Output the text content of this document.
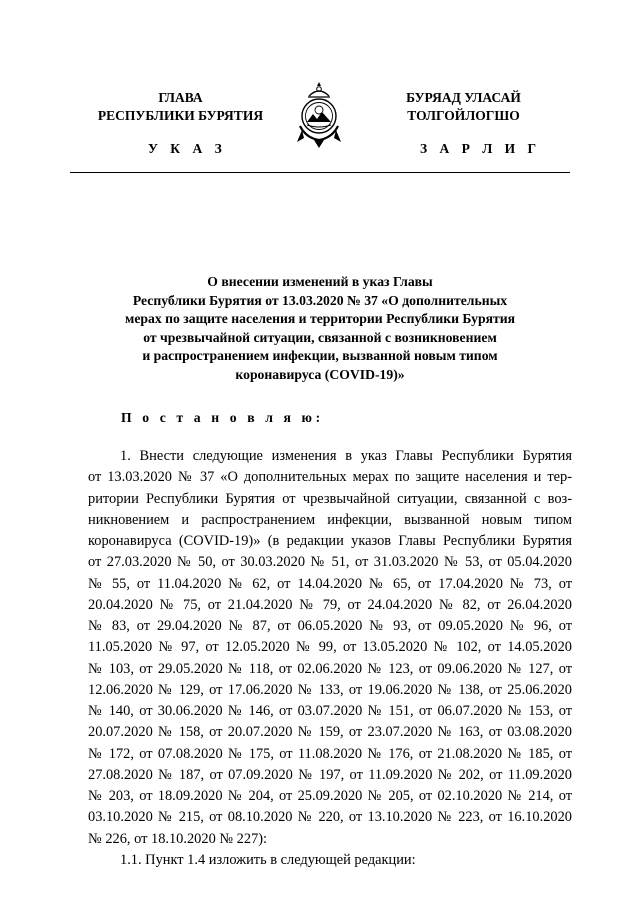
ГЛАВА
РЕСПУБЛИКИ БУРЯТИЯ
У К А З
БУРЯАД УЛАСАЙ
ТОЛГОЙЛОГШО
З А Р Л И Г
О внесении изменений в указ Главы
Республики Бурятия от 13.03.2020 № 37 «О дополнительных
мерах по защите населения и территории Республики Бурятия
от чрезвычайной ситуации, связанной с возникновением
и распространением инфекции, вызванной новым типом
коронавируса (COVID-19)»
П о с т а н о в л я ю:
1. Внести следующие изменения в указ Главы Республики Бурятия
от 13.03.2020 № 37 «О дополнительных мерах по защите населения и тер-
ритории Республики Бурятия от чрезвычайной ситуации, связанной с воз-
никновением и распространением инфекции, вызванной новым типом
коронавируса (COVID-19)» (в редакции указов Главы Республики Бурятия
от 27.03.2020 № 50, от 30.03.2020 № 51, от 31.03.2020 № 53, от 05.04.2020
№ 55, от 11.04.2020 № 62, от 14.04.2020 № 65, от 17.04.2020 № 73, от
20.04.2020 № 75, от 21.04.2020 № 79, от 24.04.2020 № 82, от 26.04.2020
№ 83, от 29.04.2020 № 87, от 06.05.2020 № 93, от 09.05.2020 № 96, от
11.05.2020 № 97, от 12.05.2020 № 99, от 13.05.2020 № 102, от 14.05.2020
№ 103, от 29.05.2020 № 118, от 02.06.2020 № 123, от 09.06.2020 № 127, от
12.06.2020 № 129, от 17.06.2020 № 133, от 19.06.2020 № 138, от 25.06.2020
№ 140, от 30.06.2020 № 146, от 03.07.2020 № 151, от 06.07.2020 № 153, от
20.07.2020 № 158, от 20.07.2020 № 159, от 23.07.2020 № 163, от 03.08.2020
№ 172, от 07.08.2020 № 175, от 11.08.2020 № 176, от 21.08.2020 № 185, от
27.08.2020 № 187, от 07.09.2020 № 197, от 11.09.2020 № 202, от 11.09.2020
№ 203, от 18.09.2020 № 204, от 25.09.2020 № 205, от 02.10.2020 № 214, от
03.10.2020 № 215, от 08.10.2020 № 220, от 13.10.2020 № 223, от 16.10.2020
№ 226, от 18.10.2020 № 227):
1.1. Пункт 1.4 изложить в следующей редакции:
